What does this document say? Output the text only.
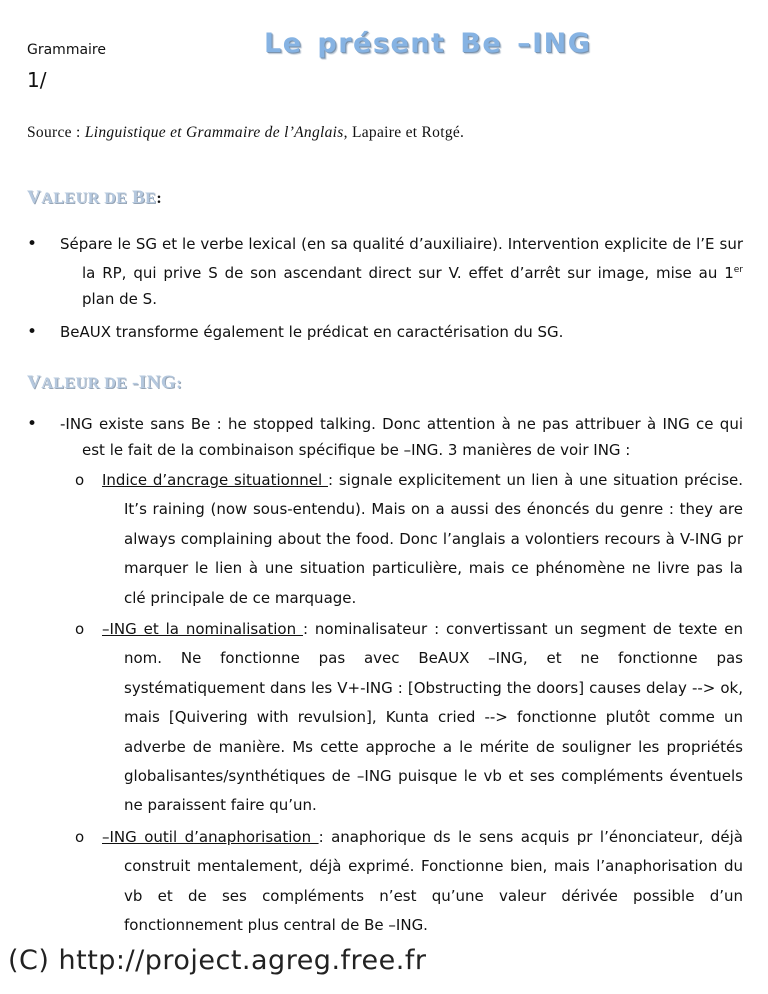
Grammaire
1/
Le présent Be –ING
Source : Linguistique et Grammaire de l’Anglais, Lapaire et Rotgé.
VALEUR DE BE:
• Sépare le SG et le verbe lexical (en sa qualité d’auxiliaire). Intervention explicite de l’E sur la RP, qui prive S de son ascendant direct sur V. effet d’arrêt sur image, mise au 1er plan de S.
• BeAUX transforme également le prédicat en caractérisation du SG.
VALEUR DE -ING:
• -ING existe sans Be : he stopped talking. Donc attention à ne pas attribuer à ING ce qui est le fait de la combinaison spécifique be –ING. 3 manières de voir ING :
o Indice d’ancrage situationnel : signale explicitement un lien à une situation précise. It’s raining (now sous-entendu). Mais on a aussi des énoncés du genre : they are always complaining about the food. Donc l’anglais a volontiers recours à V-ING pr marquer le lien à une situation particulière, mais ce phénomène ne livre pas la clé principale de ce marquage.
o –ING et la nominalisation : nominalisateur : convertissant un segment de texte en nom. Ne fonctionne pas avec BeAUX –ING, et ne fonctionne pas systématiquement dans les V+-ING : [Obstructing the doors] causes delay --> ok, mais [Quivering with revulsion], Kunta cried --> fonctionne plutôt comme un adverbe de manière. Ms cette approche a le mérite de souligner les propriétés globalisantes/synthétiques de –ING puisque le vb et ses compléments éventuels ne paraissent faire qu’un.
o –ING outil d’anaphorisation : anaphorique ds le sens acquis pr l’énonciateur, déjà construit mentalement, déjà exprimé. Fonctionne bien, mais l’anaphorisation du vb et de ses compléments n’est qu’une valeur dérivée possible d’un fonctionnement plus central de Be –ING.
(C) http://project.agreg.free.fr
